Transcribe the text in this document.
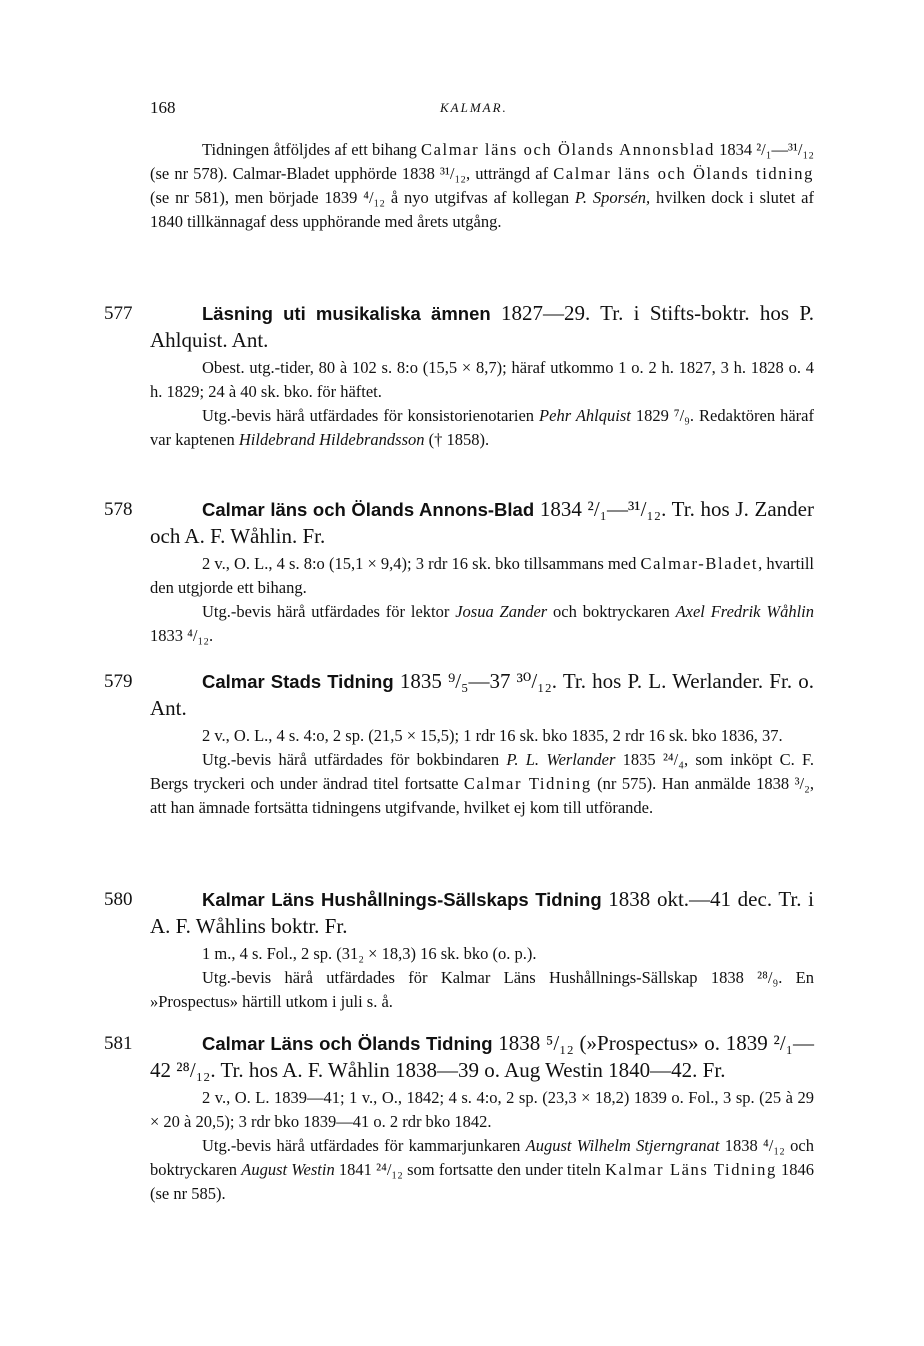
168	KALMAR.

Tidningen åtföljdes af ett bihang Calmar läns och Ölands Annonsblad 1834 ²/₁—³¹/₁₂ (se nr 578). Calmar-Bladet upphörde 1838 ³¹/₁₂, utträngd af Calmar läns och Ölands tidning (se nr 581), men började 1839 ⁴/₁₂ å nyo utgifvas af kollegan P. Sporsén, hvilken dock i slutet af 1840 tillkännagaf dess upphörande med årets utgång.

577	Läsning uti musikaliska ämnen 1827—29. Tr. i Stifts-boktr. hos P. Ahlquist. Ant.

Obest. utg.-tider, 80 à 102 s. 8:o (15,5 × 8,7); häraf utkommo 1 o. 2 h. 1827, 3 h. 1828 o. 4 h. 1829; 24 à 40 sk. bko. för häftet.

Utg.-bevis härå utfärdades för konsistorienotarien Pehr Ahlquist 1829 ⁷/₉. Redaktören häraf var kaptenen Hildebrand Hildebrandsson († 1858).

578	Calmar läns och Ölands Annons-Blad 1834 ²/₁—³¹/₁₂. Tr. hos J. Zander och A. F. Wåhlin. Fr.

2 v., O. L., 4 s. 8:o (15,1 × 9,4); 3 rdr 16 sk. bko tillsammans med Calmar-Bladet, hvartill den utgjorde ett bihang.

Utg.-bevis härå utfärdades för lektor Josua Zander och boktryckaren Axel Fredrik Wåhlin 1833 ⁴/₁₂.

579	Calmar Stads Tidning 1835 ⁹/₅—37 ³⁰/₁₂. Tr. hos P. L. Werlander. Fr. o. Ant.

2 v., O. L., 4 s. 4:o, 2 sp. (21,5 × 15,5); 1 rdr 16 sk. bko 1835, 2 rdr 16 sk. bko 1836, 37.

Utg.-bevis härå utfärdades för bokbindaren P. L. Werlander 1835 ²⁴/₄, som inköpt C. F. Bergs tryckeri och under ändrad titel fortsatte Calmar Tidning (nr 575). Han anmälde 1838 ³/₂, att han ämnade fortsätta tidningens utgifvande, hvilket ej kom till utförande.

580	Kalmar Läns Hushållnings-Sällskaps Tidning 1838 okt.—41 dec. Tr. i A. F. Wåhlins boktr. Fr.

1 m., 4 s. Fol., 2 sp. (31₂ × 18,3) 16 sk. bko (o. p.).

Utg.-bevis härå utfärdades för Kalmar Läns Hushållnings-Sällskap 1838 ²⁸/₉. En »Prospectus» härtill utkom i juli s. å.

581	Calmar Läns och Ölands Tidning 1838 ⁵/₁₂ (»Prospectus» o. 1839 ²/₁—42 ²⁸/₁₂. Tr. hos A. F. Wåhlin 1838—39 o. Aug Westin 1840—42. Fr.

2 v., O. L. 1839—41; 1 v., O., 1842; 4 s. 4:o, 2 sp. (23,3 × 18,2) 1839 o. Fol., 3 sp. (25 à 29 × 20 à 20,5); 3 rdr bko 1839—41 o. 2 rdr bko 1842.

Utg.-bevis härå utfärdades för kammarjunkaren August Wilhelm Stjerngranat 1838 ⁴/₁₂ och boktryckaren August Westin 1841 ²⁴/₁₂ som fortsatte den under titeln Kalmar Läns Tidning 1846 (se nr 585).
